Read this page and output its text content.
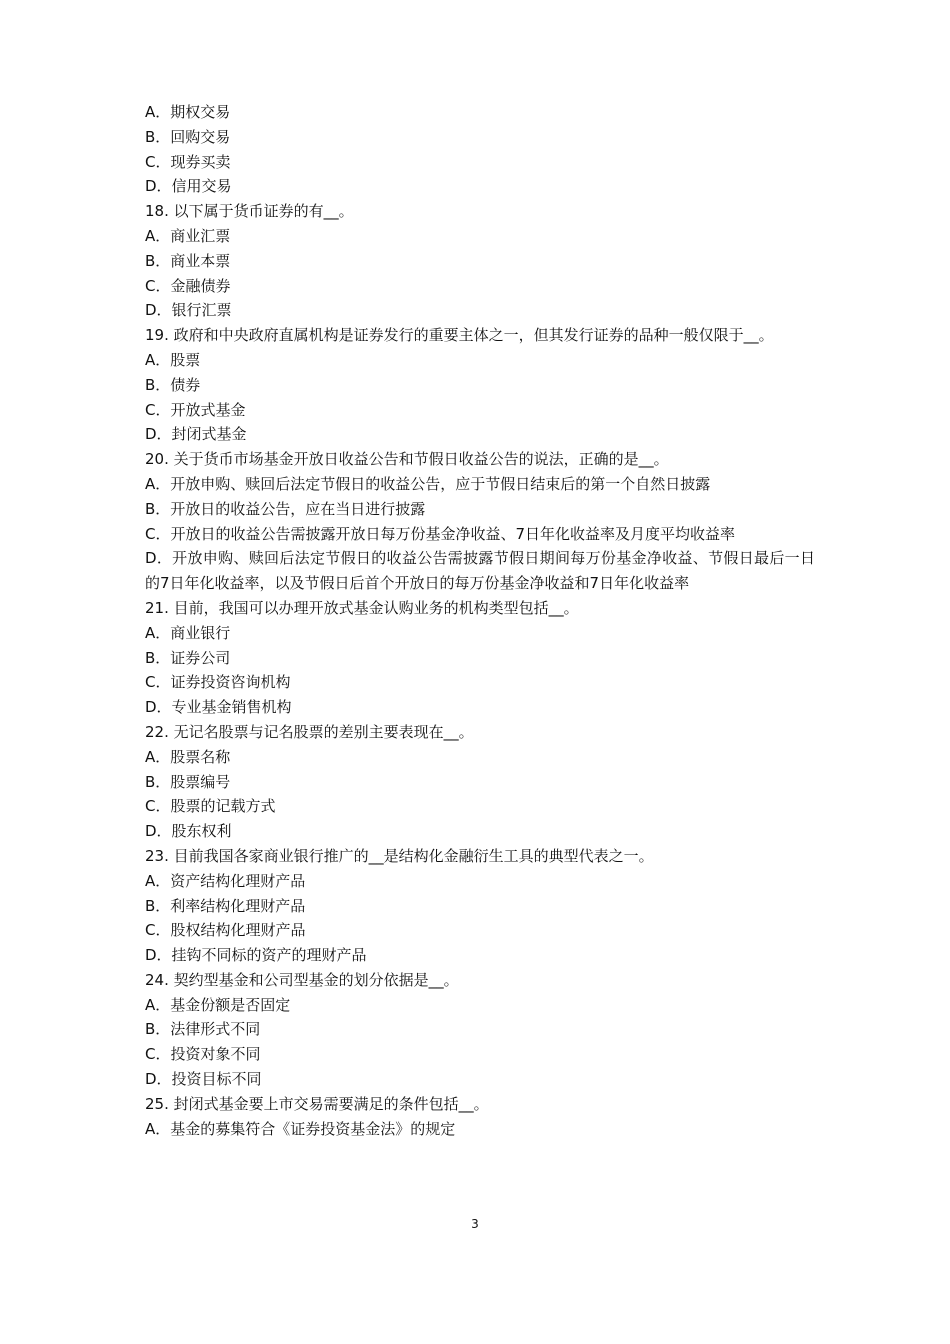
A．期权交易
B．回购交易
C．现券买卖
D．信用交易
18. 以下属于货币证券的有__。
A．商业汇票
B．商业本票
C．金融债券
D．银行汇票
19. 政府和中央政府直属机构是证券发行的重要主体之一，但其发行证券的品种一般仅限于__。
A．股票
B．债券
C．开放式基金
D．封闭式基金
20. 关于货币市场基金开放日收益公告和节假日收益公告的说法，正确的是__。
A．开放申购、赎回后法定节假日的收益公告，应于节假日结束后的第一个自然日披露
B．开放日的收益公告，应在当日进行披露
C．开放日的收益公告需披露开放日每万份基金净收益、7日年化收益率及月度平均收益率
D．开放申购、赎回后法定节假日的收益公告需披露节假日期间每万份基金净收益、节假日最后一日的7日年化收益率，以及节假日后首个开放日的每万份基金净收益和7日年化收益率
21. 目前，我国可以办理开放式基金认购业务的机构类型包括__。
A．商业银行
B．证券公司
C．证券投资咨询机构
D．专业基金销售机构
22. 无记名股票与记名股票的差别主要表现在__。
A．股票名称
B．股票编号
C．股票的记载方式
D．股东权利
23. 目前我国各家商业银行推广的__是结构化金融衍生工具的典型代表之一。
A．资产结构化理财产品
B．利率结构化理财产品
C．股权结构化理财产品
D．挂钩不同标的资产的理财产品
24. 契约型基金和公司型基金的划分依据是__。
A．基金份额是否固定
B．法律形式不同
C．投资对象不同
D．投资目标不同
25. 封闭式基金要上市交易需要满足的条件包括__。
A．基金的募集符合《证券投资基金法》的规定
3
